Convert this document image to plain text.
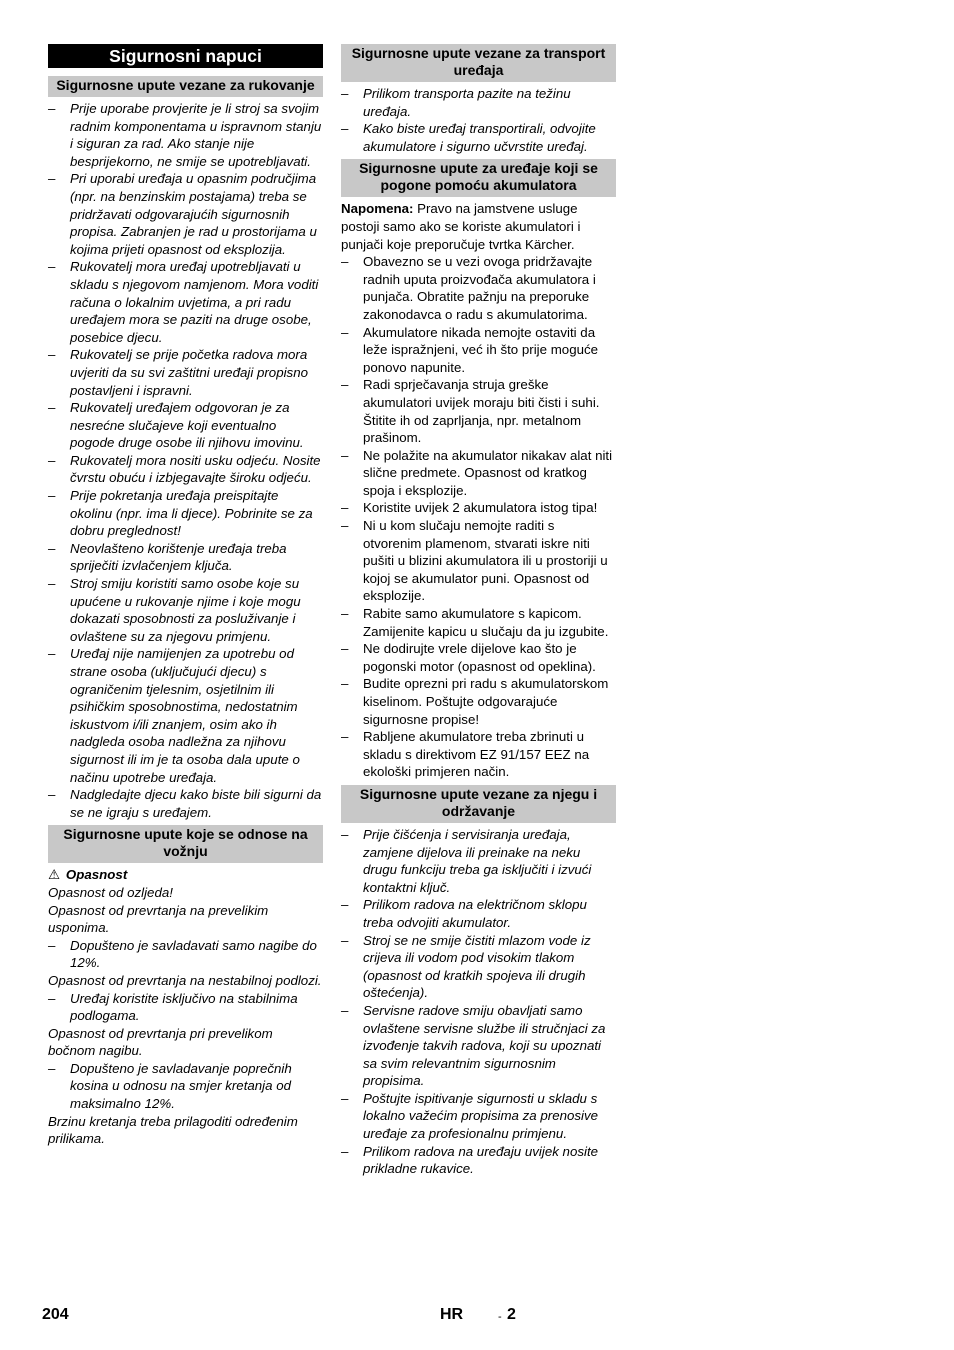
Sigurnosni napuci
Sigurnosne upute vezane za rukovanje
– Prije uporabe provjerite je li stroj sa svojim radnim komponentama u ispravnom stanju i siguran za rad. Ako stanje nije besprijekorno, ne smije se upotrebljavati.
– Pri uporabi uređaja u opasnim područjima (npr. na benzinskim postajama) treba se pridržavati odgovarajućih sigurnosnih propisa. Zabranjen je rad u prostorijama u kojima prijeti opasnost od eksplozija.
– Rukovatelj mora uređaj upotrebljavati u skladu s njegovom namjenom. Mora voditi računa o lokalnim uvjetima, a pri radu uređajem mora se paziti na druge osobe, posebice djecu.
– Rukovatelj se prije početka radova mora uvjeriti da su svi zaštitni uređaji propisno postavljeni i ispravni.
– Rukovatelj uređajem odgovoran je za nesrećne slučajeve koji eventualno pogode druge osobe ili njihovu imovinu.
– Rukovatelj mora nositi usku odjeću. Nosite čvrstu obuću i izbjegavajte široku odjeću.
– Prije pokretanja uređaja preispitajte okolinu (npr. ima li djece). Pobrinite se za dobru preglednost!
– Neovlašteno korištenje uređaja treba spriječiti izvlačenjem ključa.
– Stroj smiju koristiti samo osobe koje su upućene u rukovanje njime i koje mogu dokazati sposobnosti za posluživanje i ovlaštene su za njegovu primjenu.
– Uređaj nije namijenjen za upotrebu od strane osoba (uključujući djecu) s ograničenim tjelesnim, osjetilnim ili psihičkim sposobnostima, nedostatnim iskustvom i/ili znanjem, osim ako ih nadgleda osoba nadležna za njihovu sigurnost ili im je ta osoba dala upute o načinu upotrebe uređaja.
– Nadgledajte djecu kako biste bili sigurni da se ne igraju s uređajem.
Sigurnosne upute koje se odnose na vožnju
⚠ Opasnost

Opasnost od ozljeda!

Opasnost od prevrtanja na prevelikim usponima.

– Dopušteno je savladavati samo nagibe do 12%.

Opasnost od prevrtanja na nestabilnoj podlozi.

– Uređaj koristite isključivo na stabilnima podlogama.

Opasnost od prevrtanja pri prevelikom bočnom nagibu.

– Dopušteno je savladavanje poprečnih kosina u odnosu na smjer kretanja od maksimalno 12%.

Brzinu kretanja treba prilagoditi određenim prilikama.

Sigurnosne upute vezane za transport uređaja
– Prilikom transporta pazite na težinu uređaja.
– Kako biste uređaj transportirali, odvojite akumulatore i sigurno učvrstite uređaj.
Sigurnosne upute za uređaje koji se pogone pomoću akumulatora

Napomena: Pravo na jamstvene usluge postoji samo ako se koriste akumulatori i punjači koje preporučuje tvrtka Kärcher.

– Obavezno se u vezi ovoga pridržavajte radnih uputa proizvođača akumulatora i punjača. Obratite pažnju na preporuke zakonodavca o radu s akumulatorima.
– Akumulatore nikada nemojte ostaviti da leže ispražnjeni, već ih što prije moguće ponovo napunite.
– Radi sprječavanja struja greške akumulatori uvijek moraju biti čisti i suhi. Štitite ih od zaprljanja, npr. metalnom prašinom.
– Ne polažite na akumulator nikakav alat niti slične predmete. Opasnost od kratkog spoja i eksplozije.
– Koristite uvijek 2 akumulatora istog tipa!
– Ni u kom slučaju nemojte raditi s otvorenim plamenom, stvarati iskre niti pušiti u blizini akumulatora ili u prostoriji u kojoj se akumulator puni. Opasnost od eksplozije.
– Rabite samo akumulatore s kapicom. Zamijenite kapicu u slučaju da ju izgubite.
– Ne dodirujte vrele dijelove kao što je pogonski motor (opasnost od opeklina).
– Budite oprezni pri radu s akumulatorskom kiselinom. Poštujte odgovarajuće sigurnosne propise!
– Rabljene akumulatore treba zbrinuti u skladu s direktivom EZ 91/157 EEZ na ekološki primjeren način.
Sigurnosne upute vezane za njegu i održavanje
– Prije čišćenja i servisiranja uređaja, zamjene dijelova ili preinake na neku drugu funkciju treba ga isključiti i izvući kontaktni ključ.
– Prilikom radova na električnom sklopu treba odvojiti akumulator.
– Stroj se ne smije čistiti mlazom vode iz crijeva ili vodom pod visokim tlakom (opasnost od kratkih spojeva ili drugih oštećenja).
– Servisne radove smiju obavljati samo ovlaštene servisne službe ili stručnjaci za izvođenje takvih radova, koji su upoznati sa svim relevantnim sigurnosnim propisima.
– Poštujte ispitivanje sigurnosti u skladu s lokalno važećim propisima za prenosive uređaje za profesionalnu primjenu.
– Prilikom radova na uređaju uvijek nosite prikladne rukavice.
204	HR	- 2
